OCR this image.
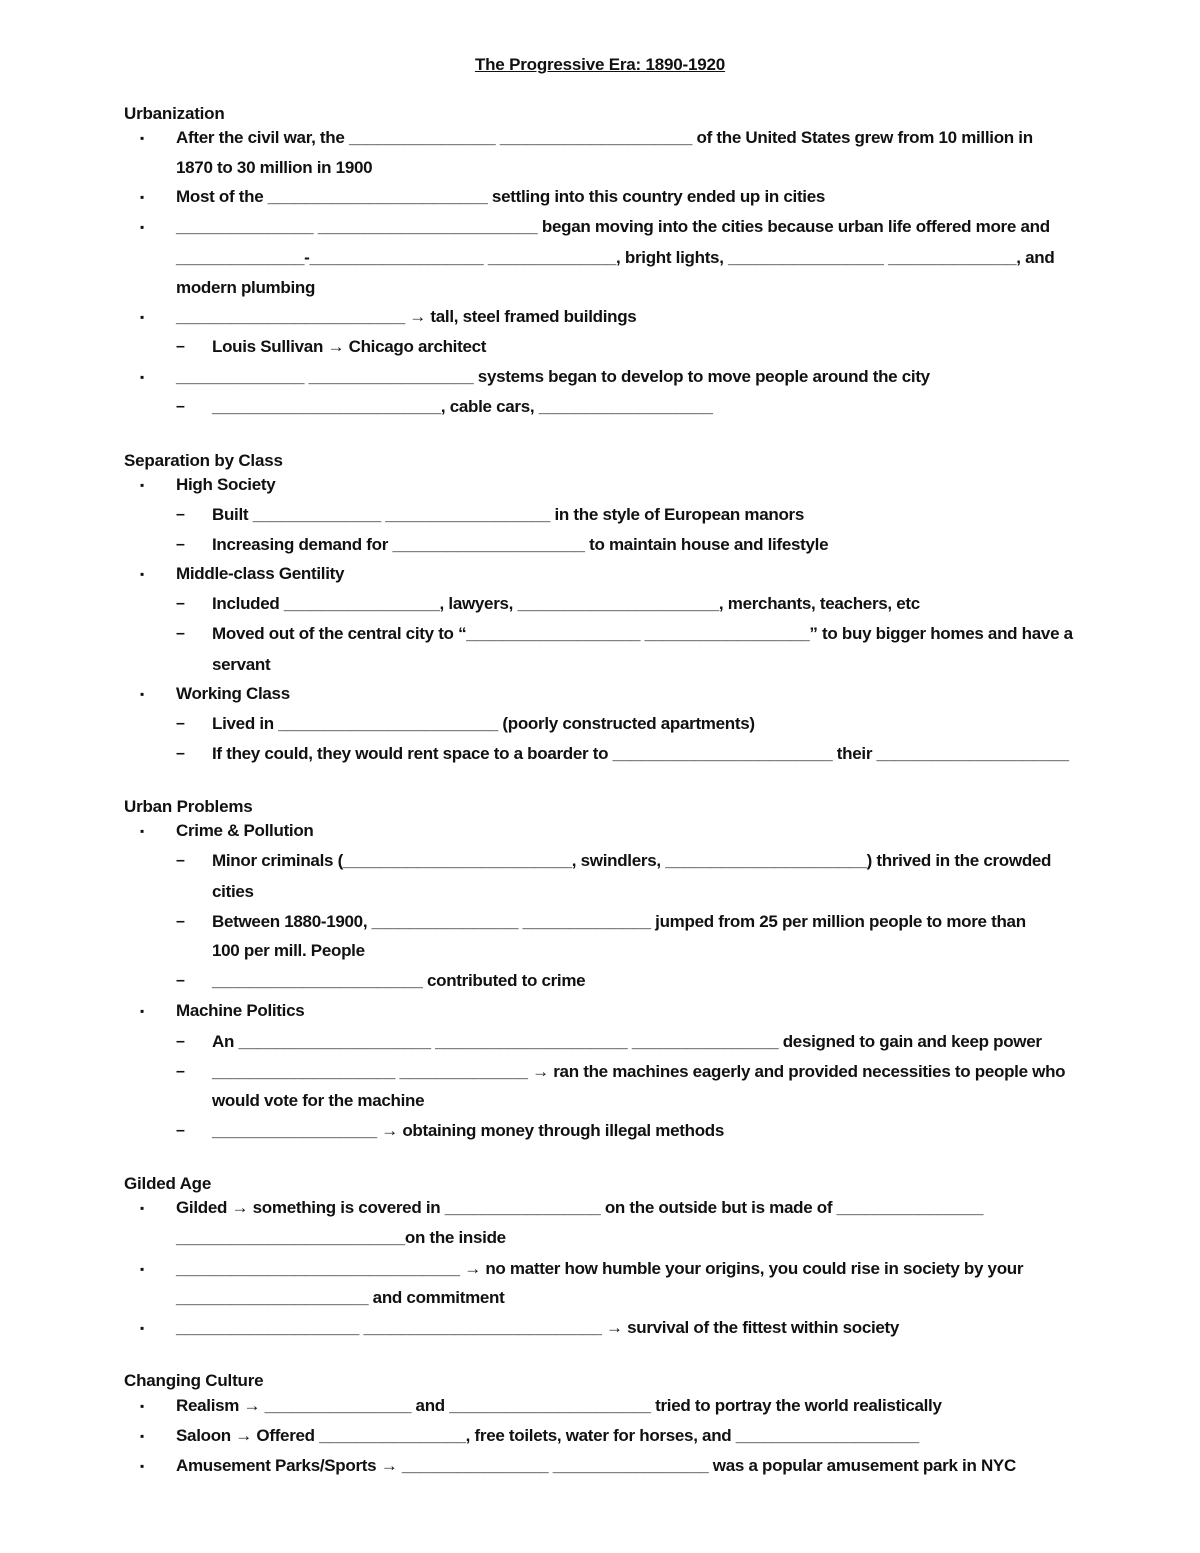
The Progressive Era: 1890-1920
Urbanization
▪ After the civil war, the ________________ _____________________ of the United States grew from 10 million in
1870 to 30 million in 1900
▪ Most of the ________________________ settling into this country ended up in cities
▪ _______________ ________________________ began moving into the cities because urban life offered more and
______________-___________________ ______________, bright lights, _________________ ______________, and
modern plumbing
▪ _________________________ → tall, steel framed buildings
– Louis Sullivan → Chicago architect
▪ ______________ __________________ systems began to develop to move people around the city
– _________________________, cable cars, ___________________
Separation by Class
▪ High Society
– Built ______________ __________________ in the style of European manors
– Increasing demand for _____________________ to maintain house and lifestyle
▪ Middle-class Gentility
– Included _________________, lawyers, ______________________, merchants, teachers, etc
– Moved out of the central city to “___________________ __________________” to buy bigger homes and have a
servant
▪ Working Class
– Lived in ________________________ (poorly constructed apartments)
– If they could, they would rent space to a boarder to ________________________ their _____________________
Urban Problems
▪ Crime & Pollution
– Minor criminals (_________________________, swindlers, ______________________) thrived in the crowded
cities
– Between 1880-1900, ________________ ______________ jumped from 25 per million people to more than
100 per mill. People
– _______________________ contributed to crime
▪ Machine Politics
– An _____________________ _____________________ ________________ designed to gain and keep power
– ____________________ ______________ → ran the machines eagerly and provided necessities to people who
would vote for the machine
– __________________ → obtaining money through illegal methods
Gilded Age
▪ Gilded → something is covered in _________________ on the outside but is made of ________________
_________________________on the inside
▪ _______________________________ → no matter how humble your origins, you could rise in society by your
_____________________ and commitment
▪ ____________________ __________________________ → survival of the fittest within society
Changing Culture
▪ Realism → ________________ and ______________________ tried to portray the world realistically
▪ Saloon → Offered ________________, free toilets, water for horses, and ____________________
▪ Amusement Parks/Sports → ________________ _________________ was a popular amusement park in NYC
